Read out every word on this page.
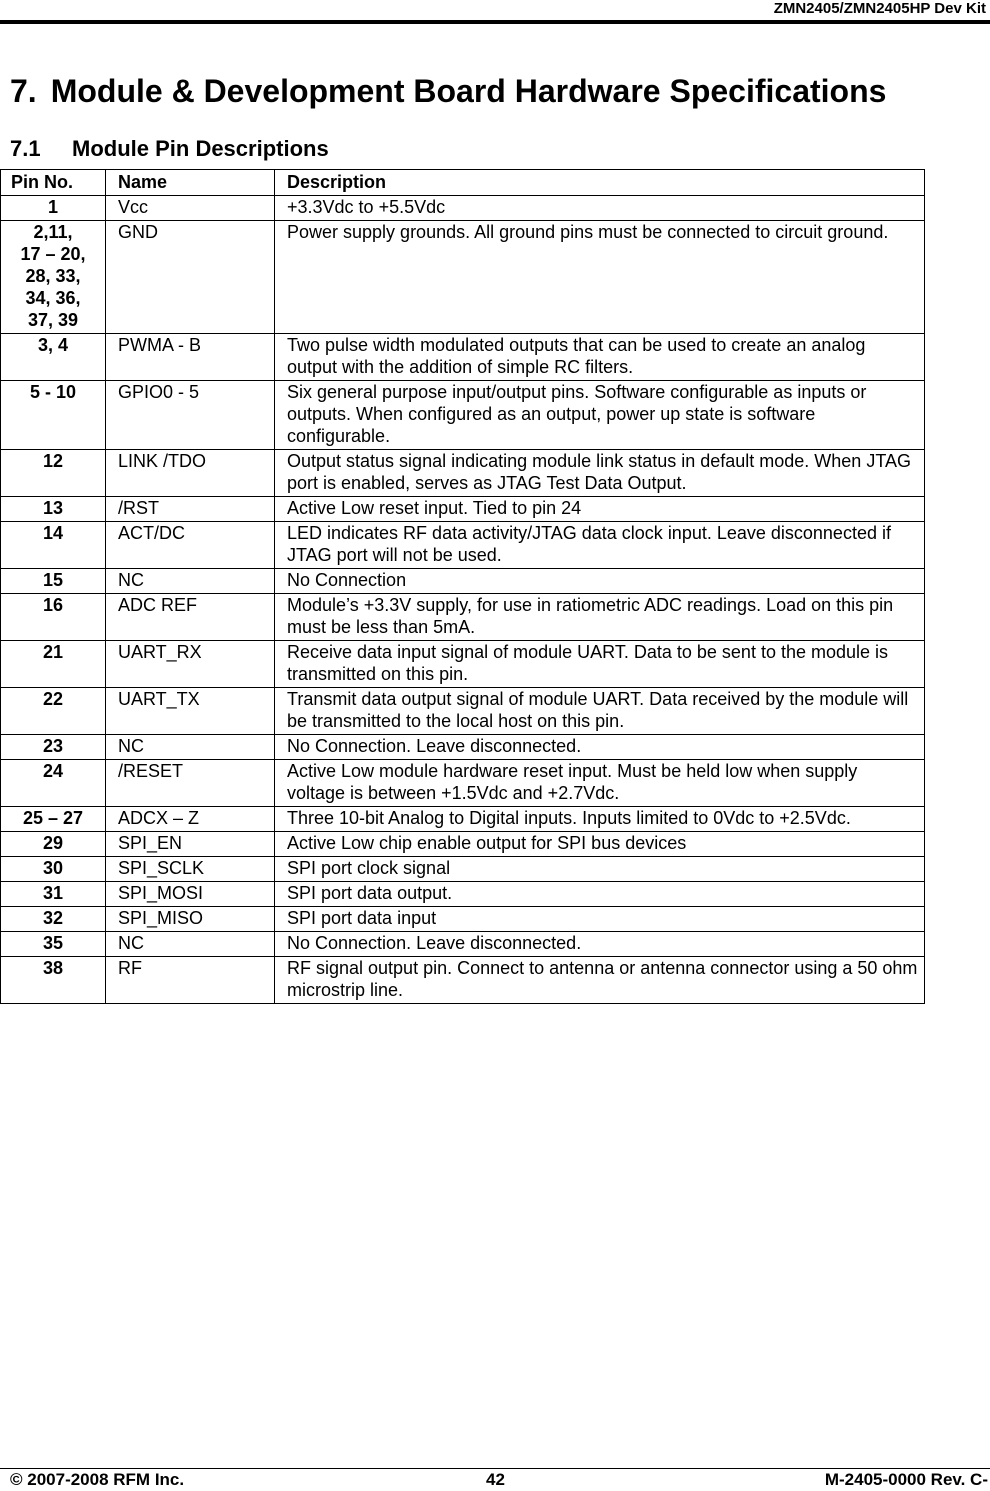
ZMN2405/ZMN2405HP Dev Kit
7. Module & Development Board Hardware Specifications
7.1 Module Pin Descriptions
Pin No.	Name	Description

1	Vcc	+3.3Vdc to +5.5Vdc

2,11,
17 – 20,
28, 33,
34, 36,
37, 39	GND	Power supply grounds. All ground pins must be connected to circuit ground.

3, 4	PWMA - B	Two pulse width modulated outputs that can be used to create an analog output with the addition of simple RC filters.

5 - 10	GPIO0 - 5	Six general purpose input/output pins. Software configurable as inputs or outputs. When configured as an output, power up state is software configurable.

12	LINK /TDO	Output status signal indicating module link status in default mode. When JTAG port is enabled, serves as JTAG Test Data Output.

13	/RST	Active Low reset input. Tied to pin 24

14	ACT/DC	LED indicates RF data activity/JTAG data clock input. Leave disconnected if JTAG port will not be used.

15	NC	No Connection

16	ADC REF	Module’s +3.3V supply, for use in ratiometric ADC readings. Load on this pin must be less than 5mA.

21	UART_RX	Receive data input signal of module UART. Data to be sent to the module is transmitted on this pin.

22	UART_TX	Transmit data output signal of module UART. Data received by the module will be transmitted to the local host on this pin.

23	NC	No Connection. Leave disconnected.

24	/RESET	Active Low module hardware reset input. Must be held low when supply voltage is between +1.5Vdc and +2.7Vdc.

25 – 27	ADCX – Z	Three 10-bit Analog to Digital inputs. Inputs limited to 0Vdc to +2.5Vdc.

29	SPI_EN	Active Low chip enable output for SPI bus devices

30	SPI_SCLK	SPI port clock signal

31	SPI_MOSI	SPI port data output.

32	SPI_MISO	SPI port data input

35	NC	No Connection. Leave disconnected.

38	RF	RF signal output pin. Connect to antenna or antenna connector using a 50 ohm microstrip line.
© 2007-2008 RFM Inc.	42	M-2405-0000 Rev. C-
